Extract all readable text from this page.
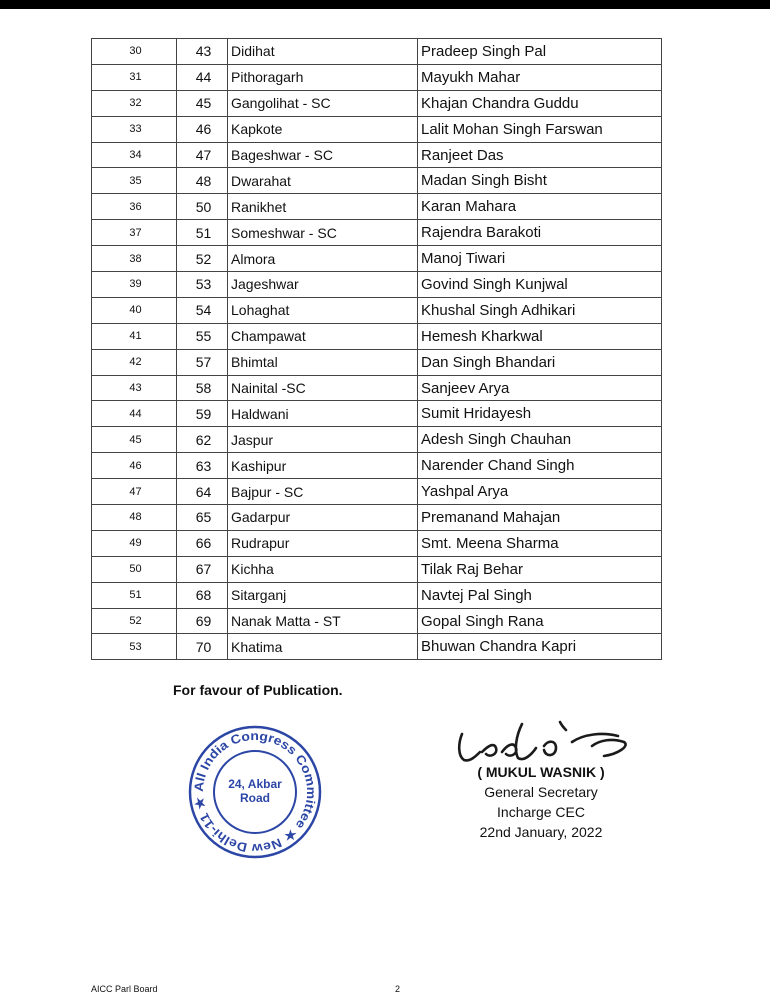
30	43	Didihat	Pradeep Singh Pal
31	44	Pithoragarh	Mayukh Mahar
32	45	Gangolihat - SC	Khajan Chandra Guddu
33	46	Kapkote	Lalit Mohan Singh Farswan
34	47	Bageshwar - SC	Ranjeet Das
35	48	Dwarahat	Madan Singh Bisht
36	50	Ranikhet	Karan Mahara
37	51	Someshwar - SC	Rajendra Barakoti
38	52	Almora	Manoj Tiwari
39	53	Jageshwar	Govind Singh Kunjwal
40	54	Lohaghat	Khushal Singh Adhikari
41	55	Champawat	Hemesh Kharkwal
42	57	Bhimtal	Dan Singh Bhandari
43	58	Nainital -SC	Sanjeev Arya
44	59	Haldwani	Sumit Hridayesh
45	62	Jaspur	Adesh Singh Chauhan
46	63	Kashipur	Narender Chand Singh
47	64	Bajpur - SC	Yashpal Arya
48	65	Gadarpur	Premanand Mahajan
49	66	Rudrapur	Smt. Meena Sharma
50	67	Kichha	Tilak Raj Behar
51	68	Sitarganj	Navtej Pal Singh
52	69	Nanak Matta - ST	Gopal Singh Rana
53	70	Khatima	Bhuwan Chandra Kapri
For favour of Publication.
All India Congress Committee ★ New Delhi-11 ★
24, Akbar
Road
( MUKUL WASNIK )
General Secretary
Incharge CEC
22nd January, 2022
AICC Parl Board	2
